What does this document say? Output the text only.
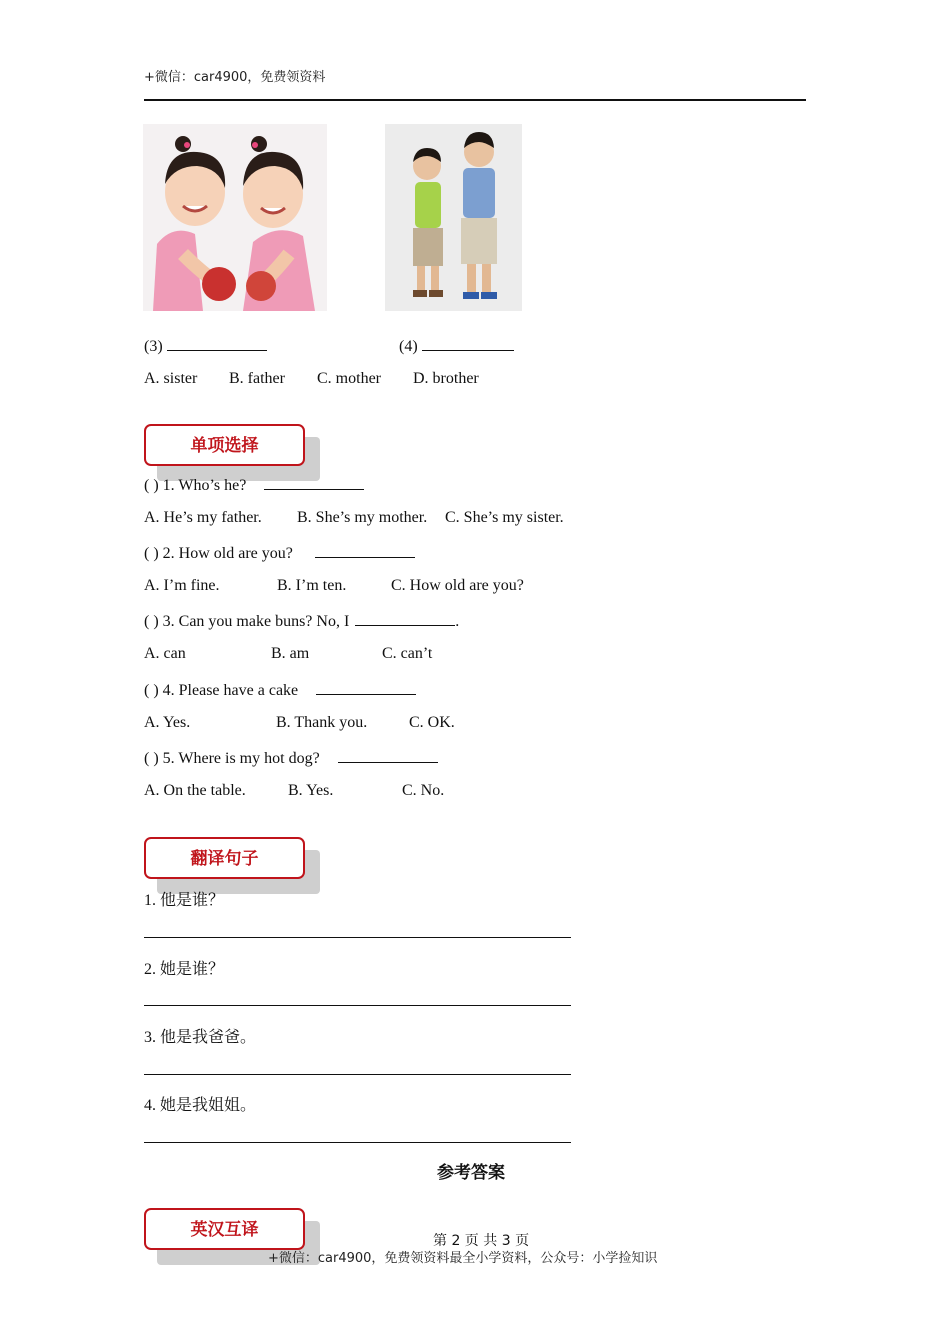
+微信：car4900，免费领资料
(3)	(4)
A. sister B. father C. mother D. brother
单项选择
( ) 1. Who’s he?
A. He’s my father. B. She’s my mother. C. She’s my sister.
( ) 2. How old are you?
A. I’m fine.	B. I’m ten.	C. How old are you?
( ) 3. Can you make buns? No, I	.
A. can	B. am	C. can’t
( ) 4. Please have a cake
A. Yes.	B. Thank you.	C. OK.
( ) 5. Where is my hot dog?
A. On the table.	B. Yes.	C. No.
翻译句子
1. 他是谁？
2. 她是谁？
3. 他是我爸爸。
4. 她是我姐姐。
参考答案
英汉互译
第 2 页 共 3 页
+微信：car4900，免费领资料最全小学资料，公众号：小学捡知识
